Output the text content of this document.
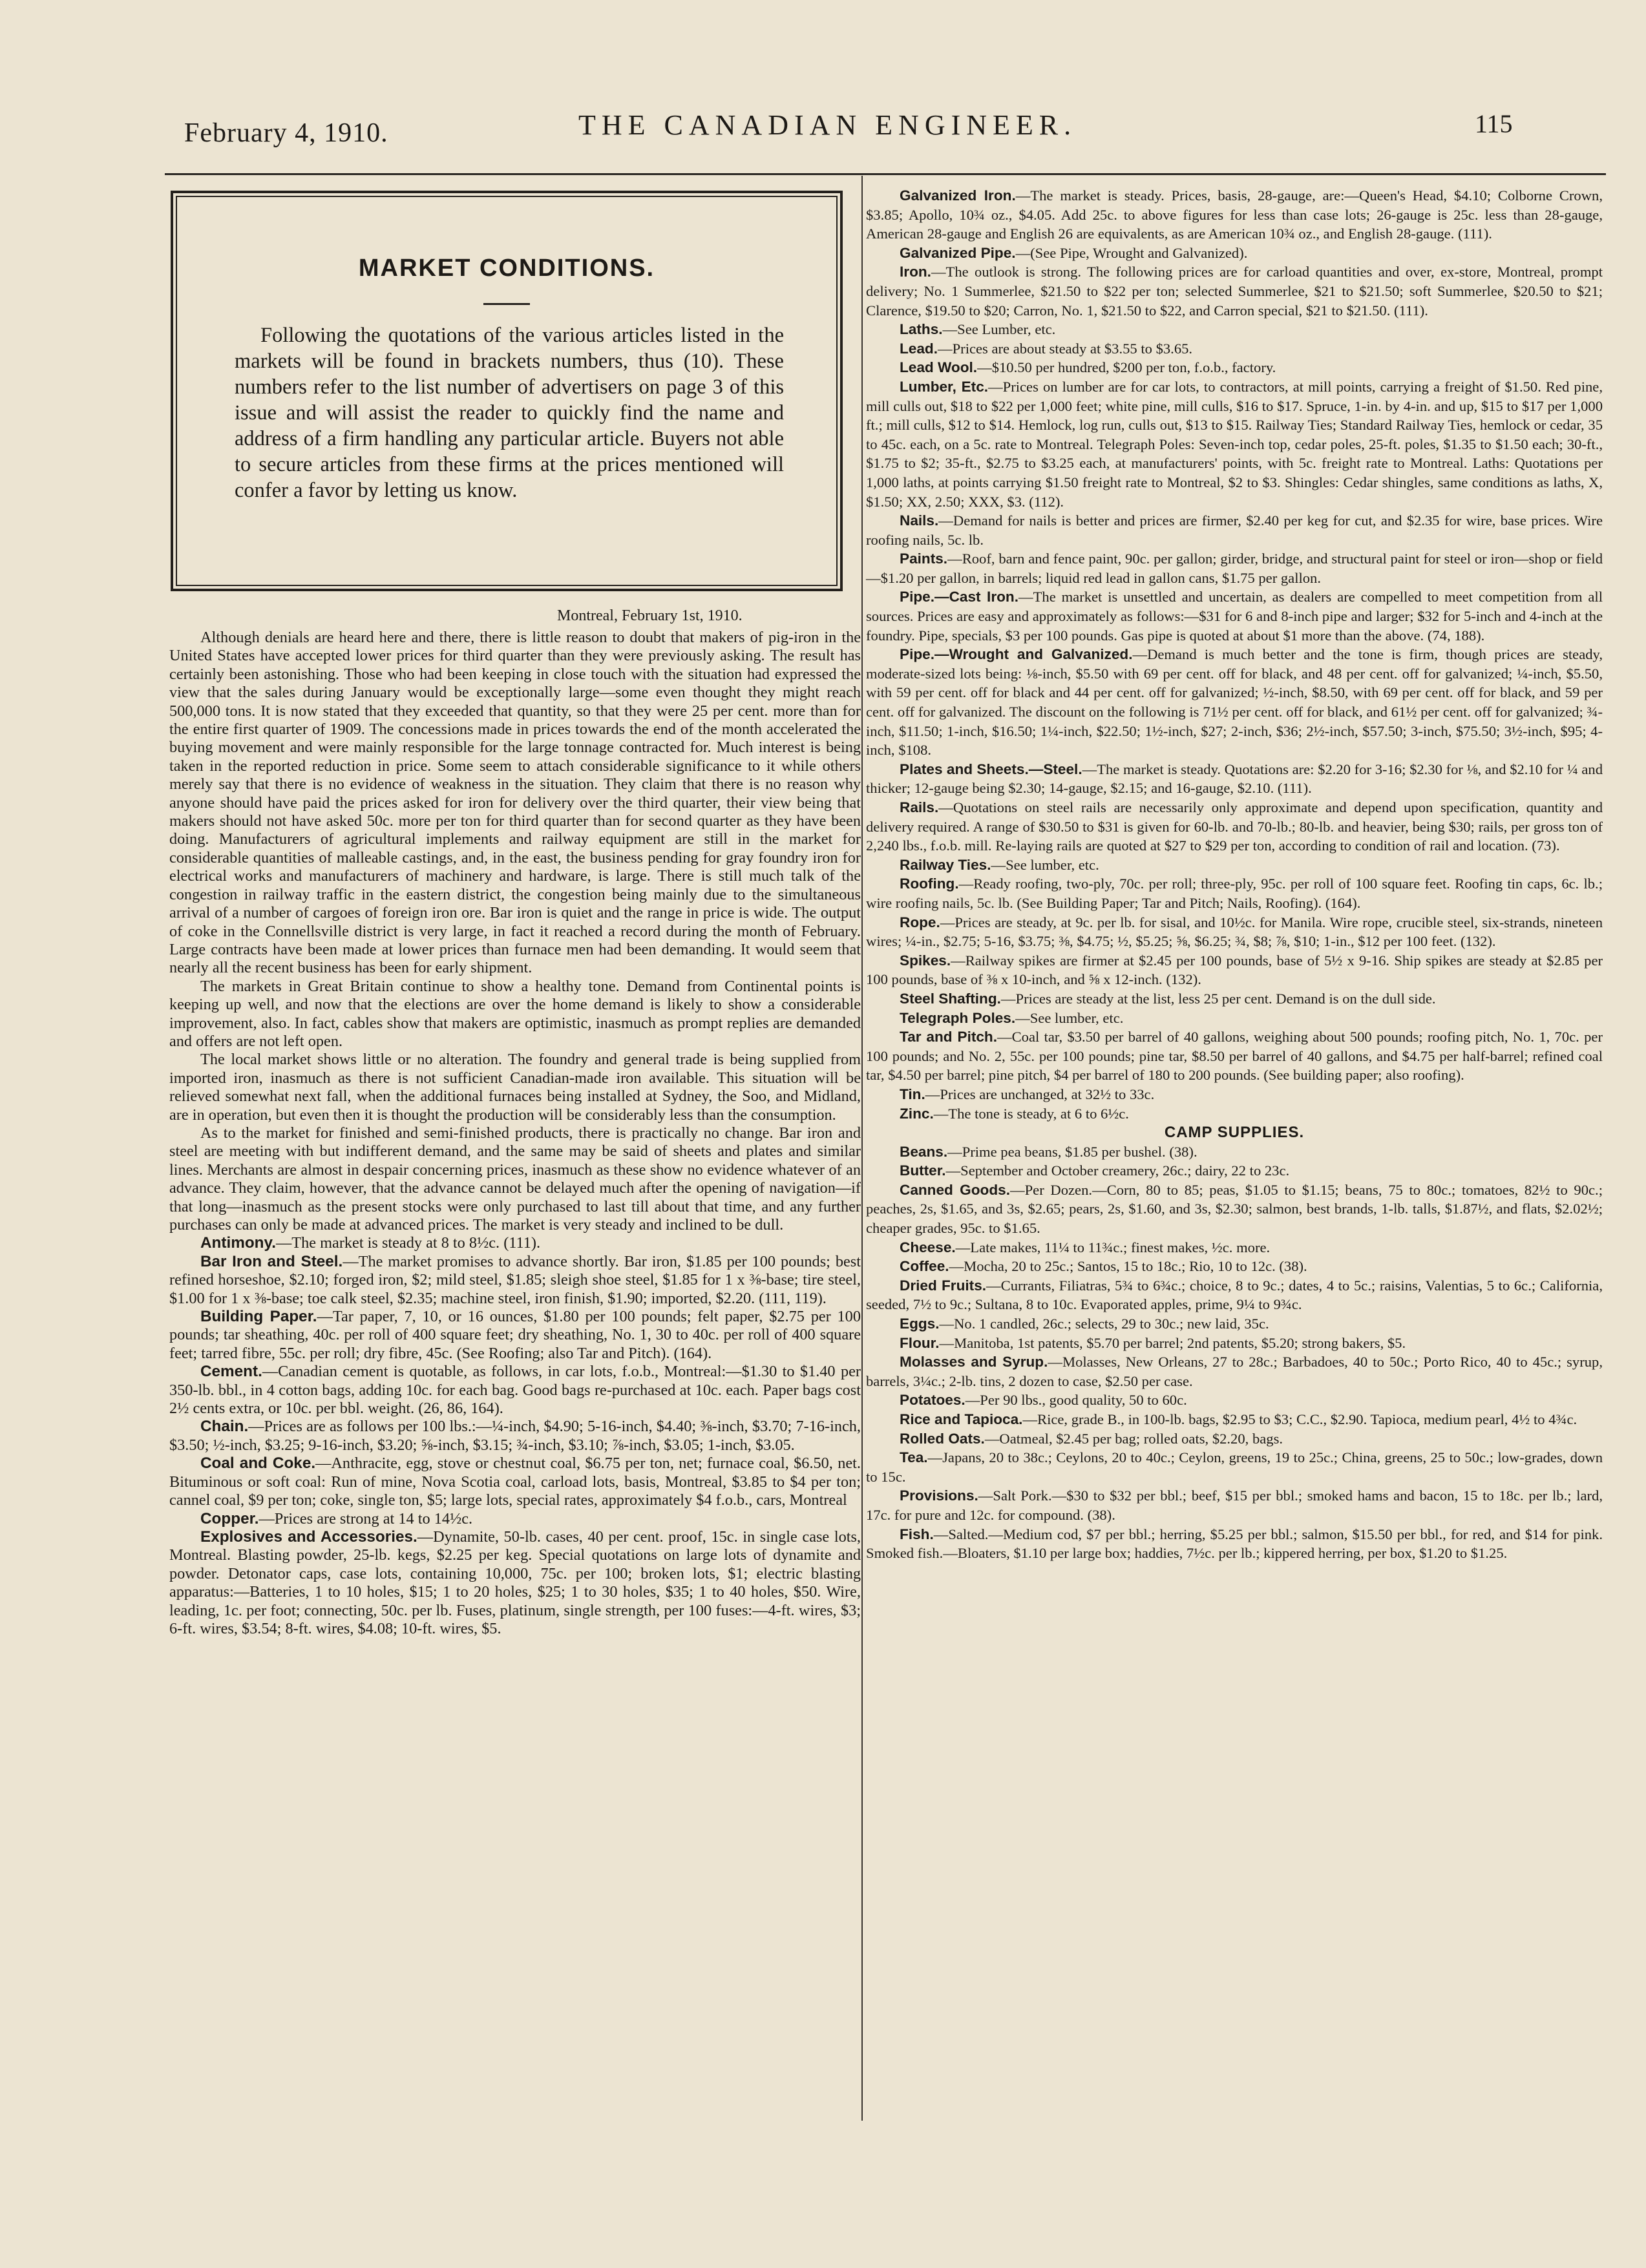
February 4, 1910.	THE CANADIAN ENGINEER.	115
MARKET CONDITIONS.
Following the quotations of the various articles listed in the markets will be found in brackets numbers, thus (10). These numbers refer to the list number of advertisers on page 3 of this issue and will assist the reader to quickly find the name and address of a firm handling any particular article. Buyers not able to secure articles from these firms at the prices mentioned will confer a favor by letting us know.
Montreal, February 1st, 1910.

Although denials are heard here and there, there is little reason to doubt that makers of pig-iron in the United States have accepted lower prices for third quarter than they were previously asking. The result has certainly been astonishing. Those who had been keeping in close touch with the situation had expressed the view that the sales during January would be exceptionally large—some even thought they might reach 500,000 tons. It is now stated that they exceeded that quantity, so that they were 25 per cent. more than for the entire first quarter of 1909. The concessions made in prices towards the end of the month accelerated the buying movement and were mainly responsible for the large tonnage contracted for. Much interest is being taken in the reported reduction in price. Some seem to attach considerable significance to it while others merely say that there is no evidence of weakness in the situation. They claim that there is no reason why anyone should have paid the prices asked for iron for delivery over the third quarter, their view being that makers should not have asked 50c. more per ton for third quarter than for second quarter as they have been doing. Manufacturers of agricultural implements and railway equipment are still in the market for considerable quantities of malleable castings, and, in the east, the business pending for gray foundry iron for electrical works and manufacturers of machinery and hardware, is large. There is still much talk of the congestion in railway traffic in the eastern district, the congestion being mainly due to the simultaneous arrival of a number of cargoes of foreign iron ore. Bar iron is quiet and the range in price is wide. The output of coke in the Connellsville district is very large, in fact it reached a record during the month of February. Large contracts have been made at lower prices than furnace men had been demanding. It would seem that nearly all the recent business has been for early shipment.

The markets in Great Britain continue to show a healthy tone. Demand from Continental points is keeping up well, and now that the elections are over the home demand is likely to show a considerable improvement, also. In fact, cables show that makers are optimistic, inasmuch as prompt replies are demanded and offers are not left open.

The local market shows little or no alteration. The foundry and general trade is being supplied from imported iron, inasmuch as there is not sufficient Canadian-made iron available. This situation will be relieved somewhat next fall, when the additional furnaces being installed at Sydney, the Soo, and Midland, are in operation, but even then it is thought the production will be considerably less than the consumption.

As to the market for finished and semi-finished products, there is practically no change. Bar iron and steel are meeting with but indifferent demand, and the same may be said of sheets and plates and similar lines. Merchants are almost in despair concerning prices, inasmuch as these show no evidence whatever of an advance. They claim, however, that the advance cannot be delayed much after the opening of navigation—if that long—inasmuch as the present stocks were only purchased to last till about that time, and any further purchases can only be made at advanced prices. The market is very steady and inclined to be dull.

Antimony.—The market is steady at 8 to 8½c. (111).

Bar Iron and Steel.—The market promises to advance shortly. Bar iron, $1.85 per 100 pounds; best refined horseshoe, $2.10; forged iron, $2; mild steel, $1.85; sleigh shoe steel, $1.85 for 1 x ⅜-base; tire steel, $1.00 for 1 x ⅜-base; toe calk steel, $2.35; machine steel, iron finish, $1.90; imported, $2.20. (111, 119).

Building Paper.—Tar paper, 7, 10, or 16 ounces, $1.80 per 100 pounds; felt paper, $2.75 per 100 pounds; tar sheathing, 40c. per roll of 400 square feet; dry sheathing, No. 1, 30 to 40c. per roll of 400 square feet; tarred fibre, 55c. per roll; dry fibre, 45c. (See Roofing; also Tar and Pitch). (164).

Cement.—Canadian cement is quotable, as follows, in car lots, f.o.b., Montreal:—$1.30 to $1.40 per 350-lb. bbl., in 4 cotton bags, adding 10c. for each bag. Good bags re-purchased at 10c. each. Paper bags cost 2½ cents extra, or 10c. per bbl. weight. (26, 86, 164).

Chain.—Prices are as follows per 100 lbs.:—¼-inch, $4.90; 5-16-inch, $4.40; ⅜-inch, $3.70; 7-16-inch, $3.50; ½-inch, $3.25; 9-16-inch, $3.20; ⅝-inch, $3.15; ¾-inch, $3.10; ⅞-inch, $3.05; 1-inch, $3.05.

Coal and Coke.—Anthracite, egg, stove or chestnut coal, $6.75 per ton, net; furnace coal, $6.50, net. Bituminous or soft coal: Run of mine, Nova Scotia coal, carload lots, basis, Montreal, $3.85 to $4 per ton; cannel coal, $9 per ton; coke, single ton, $5; large lots, special rates, approximately $4 f.o.b., cars, Montreal

Copper.—Prices are strong at 14 to 14½c.

Explosives and Accessories.—Dynamite, 50-lb. cases, 40 per cent. proof, 15c. in single case lots, Montreal. Blasting powder, 25-lb. kegs, $2.25 per keg. Special quotations on large lots of dynamite and powder. Detonator caps, case lots, containing 10,000, 75c. per 100; broken lots, $1; electric blasting apparatus:—Batteries, 1 to 10 holes, $15; 1 to 20 holes, $25; 1 to 30 holes, $35; 1 to 40 holes, $50. Wire, leading, 1c. per foot; connecting, 50c. per lb. Fuses, platinum, single strength, per 100 fuses:—4-ft. wires, $3; 6-ft. wires, $3.54; 8-ft. wires, $4.08; 10-ft. wires, $5.

Galvanized Iron.—The market is steady. Prices, basis, 28-gauge, are:—Queen's Head, $4.10; Colborne Crown, $3.85; Apollo, 10¾ oz., $4.05. Add 25c. to above figures for less than case lots; 26-gauge is 25c. less than 28-gauge, American 28-gauge and English 26 are equivalents, as are American 10¾ oz., and English 28-gauge. (111).

Galvanized Pipe.—(See Pipe, Wrought and Galvanized).

Iron.—The outlook is strong. The following prices are for carload quantities and over, ex-store, Montreal, prompt delivery; No. 1 Summerlee, $21.50 to $22 per ton; selected Summerlee, $21 to $21.50; soft Summerlee, $20.50 to $21; Clarence, $19.50 to $20; Carron, No. 1, $21.50 to $22, and Carron special, $21 to $21.50. (111).

Laths.—See Lumber, etc.

Lead.—Prices are about steady at $3.55 to $3.65.

Lead Wool.—$10.50 per hundred, $200 per ton, f.o.b., factory.

Lumber, Etc.—Prices on lumber are for car lots, to contractors, at mill points, carrying a freight of $1.50. Red pine, mill culls out, $18 to $22 per 1,000 feet; white pine, mill culls, $16 to $17. Spruce, 1-in. by 4-in. and up, $15 to $17 per 1,000 ft.; mill culls, $12 to $14. Hemlock, log run, culls out, $13 to $15. Railway Ties; Standard Railway Ties, hemlock or cedar, 35 to 45c. each, on a 5c. rate to Montreal. Telegraph Poles: Seven-inch top, cedar poles, 25-ft. poles, $1.35 to $1.50 each; 30-ft., $1.75 to $2; 35-ft., $2.75 to $3.25 each, at manufacturers' points, with 5c. freight rate to Montreal. Laths: Quotations per 1,000 laths, at points carrying $1.50 freight rate to Montreal, $2 to $3. Shingles: Cedar shingles, same conditions as laths, X, $1.50; XX, 2.50; XXX, $3. (112).

Nails.—Demand for nails is better and prices are firmer, $2.40 per keg for cut, and $2.35 for wire, base prices. Wire roofing nails, 5c. lb.

Paints.—Roof, barn and fence paint, 90c. per gallon; girder, bridge, and structural paint for steel or iron—shop or field—$1.20 per gallon, in barrels; liquid red lead in gallon cans, $1.75 per gallon.

Pipe.—Cast Iron.—The market is unsettled and uncertain, as dealers are compelled to meet competition from all sources. Prices are easy and approximately as follows:—$31 for 6 and 8-inch pipe and larger; $32 for 5-inch and 4-inch at the foundry. Pipe, specials, $3 per 100 pounds. Gas pipe is quoted at about $1 more than the above. (74, 188).

Pipe.—Wrought and Galvanized.—Demand is much better and the tone is firm, though prices are steady, moderate-sized lots being: ⅛-inch, $5.50 with 69 per cent. off for black, and 48 per cent. off for galvanized; ¼-inch, $5.50, with 59 per cent. off for black and 44 per cent. off for galvanized; ½-inch, $8.50, with 69 per cent. off for black, and 59 per cent. off for galvanized. The discount on the following is 71½ per cent. off for black, and 61½ per cent. off for galvanized; ¾-inch, $11.50; 1-inch, $16.50; 1¼-inch, $22.50; 1½-inch, $27; 2-inch, $36; 2½-inch, $57.50; 3-inch, $75.50; 3½-inch, $95; 4-inch, $108.

Plates and Sheets.—Steel.—The market is steady. Quotations are: $2.20 for 3-16; $2.30 for ⅛, and $2.10 for ¼ and thicker; 12-gauge being $2.30; 14-gauge, $2.15; and 16-gauge, $2.10. (111).

Rails.—Quotations on steel rails are necessarily only approximate and depend upon specification, quantity and delivery required. A range of $30.50 to $31 is given for 60-lb. and 70-lb.; 80-lb. and heavier, being $30; rails, per gross ton of 2,240 lbs., f.o.b. mill. Re-laying rails are quoted at $27 to $29 per ton, according to condition of rail and location. (73).

Railway Ties.—See lumber, etc.

Roofing.—Ready roofing, two-ply, 70c. per roll; three-ply, 95c. per roll of 100 square feet. Roofing tin caps, 6c. lb.; wire roofing nails, 5c. lb. (See Building Paper; Tar and Pitch; Nails, Roofing). (164).

Rope.—Prices are steady, at 9c. per lb. for sisal, and 10½c. for Manila. Wire rope, crucible steel, six-strands, nineteen wires; ¼-in., $2.75; 5-16, $3.75; ⅜, $4.75; ½, $5.25; ⅝, $6.25; ¾, $8; ⅞, $10; 1-in., $12 per 100 feet. (132).

Spikes.—Railway spikes are firmer at $2.45 per 100 pounds, base of 5½ x 9-16. Ship spikes are steady at $2.85 per 100 pounds, base of ⅜ x 10-inch, and ⅝ x 12-inch. (132).

Steel Shafting.—Prices are steady at the list, less 25 per cent. Demand is on the dull side.

Telegraph Poles.—See lumber, etc.

Tar and Pitch.—Coal tar, $3.50 per barrel of 40 gallons, weighing about 500 pounds; roofing pitch, No. 1, 70c. per 100 pounds; and No. 2, 55c. per 100 pounds; pine tar, $8.50 per barrel of 40 gallons, and $4.75 per half-barrel; refined coal tar, $4.50 per barrel; pine pitch, $4 per barrel of 180 to 200 pounds. (See building paper; also roofing).

Tin.—Prices are unchanged, at 32½ to 33c.

Zinc.—The tone is steady, at 6 to 6½c.

CAMP SUPPLIES.

Beans.—Prime pea beans, $1.85 per bushel. (38).

Butter.—September and October creamery, 26c.; dairy, 22 to 23c.

Canned Goods.—Per Dozen.—Corn, 80 to 85; peas, $1.05 to $1.15; beans, 75 to 80c.; tomatoes, 82½ to 90c.; peaches, 2s, $1.65, and 3s, $2.65; pears, 2s, $1.60, and 3s, $2.30; salmon, best brands, 1-lb. talls, $1.87½, and flats, $2.02½; cheaper grades, 95c. to $1.65.

Cheese.—Late makes, 11¼ to 11¾c.; finest makes, ½c. more.

Coffee.—Mocha, 20 to 25c.; Santos, 15 to 18c.; Rio, 10 to 12c. (38).

Dried Fruits.—Currants, Filiatras, 5¾ to 6¾c.; choice, 8 to 9c.; dates, 4 to 5c.; raisins, Valentias, 5 to 6c.; California, seeded, 7½ to 9c.; Sultana, 8 to 10c. Evaporated apples, prime, 9¼ to 9¾c.

Eggs.—No. 1 candled, 26c.; selects, 29 to 30c.; new laid, 35c.

Flour.—Manitoba, 1st patents, $5.70 per barrel; 2nd patents, $5.20; strong bakers, $5.

Molasses and Syrup.—Molasses, New Orleans, 27 to 28c.; Barbadoes, 40 to 50c.; Porto Rico, 40 to 45c.; syrup, barrels, 3¼c.; 2-lb. tins, 2 dozen to case, $2.50 per case.

Potatoes.—Per 90 lbs., good quality, 50 to 60c.

Rice and Tapioca.—Rice, grade B., in 100-lb. bags, $2.95 to $3; C.C., $2.90. Tapioca, medium pearl, 4½ to 4¾c.

Rolled Oats.—Oatmeal, $2.45 per bag; rolled oats, $2.20, bags.

Tea.—Japans, 20 to 38c.; Ceylons, 20 to 40c.; Ceylon, greens, 19 to 25c.; China, greens, 25 to 50c.; low-grades, down to 15c.

Provisions.—Salt Pork.—$30 to $32 per bbl.; beef, $15 per bbl.; smoked hams and bacon, 15 to 18c. per lb.; lard, 17c. for pure and 12c. for compound. (38).

Fish.—Salted.—Medium cod, $7 per bbl.; herring, $5.25 per bbl.; salmon, $15.50 per bbl., for red, and $14 for pink. Smoked fish.—Bloaters, $1.10 per large box; haddies, 7½c. per lb.; kippered herring, per box, $1.20 to $1.25.
